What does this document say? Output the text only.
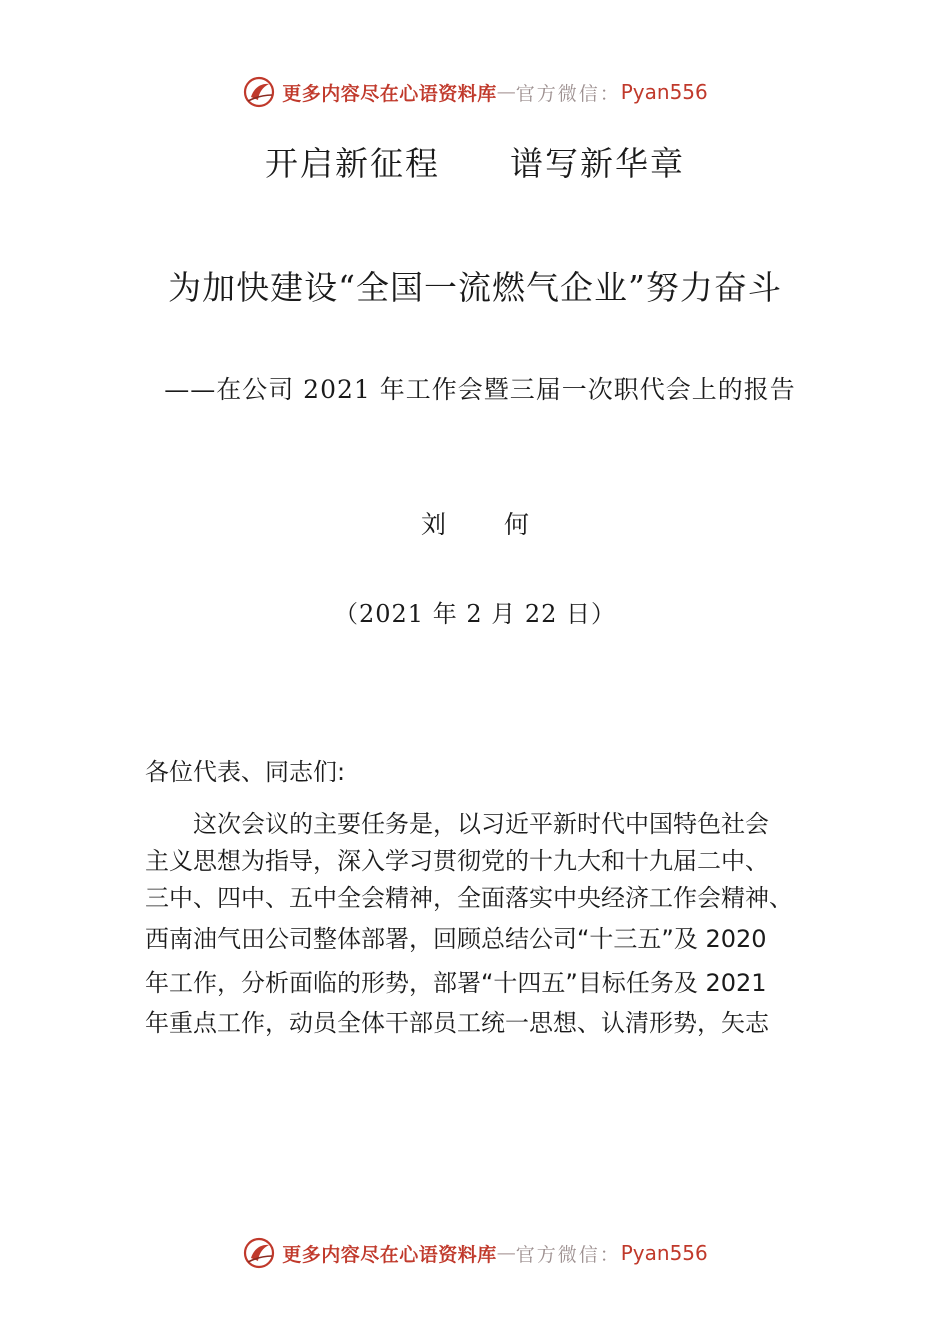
更多内容尽在心语资料库 — 官方微信： Pyan556
开启新征程 谱写新华章
为加快建设“全国一流燃气企业”努力奋斗
——在公司 2021 年工作会暨三届一次职代会上的报告
刘 何
（2021 年 2 月 22 日）
各位代表、同志们:
这次会议的主要任务是，以习近平新时代中国特色社会
主义思想为指导，深入学习贯彻党的十九大和十九届二中、
三中、四中、五中全会精神，全面落实中央经济工作会精神、
西南油气田公司整体部署，回顾总结公司“十三五”及 2020
年工作，分析面临的形势，部署“十四五”目标任务及 2021
年重点工作，动员全体干部员工统一思想、认清形势，矢志
更多内容尽在心语资料库 — 官方微信： Pyan556
